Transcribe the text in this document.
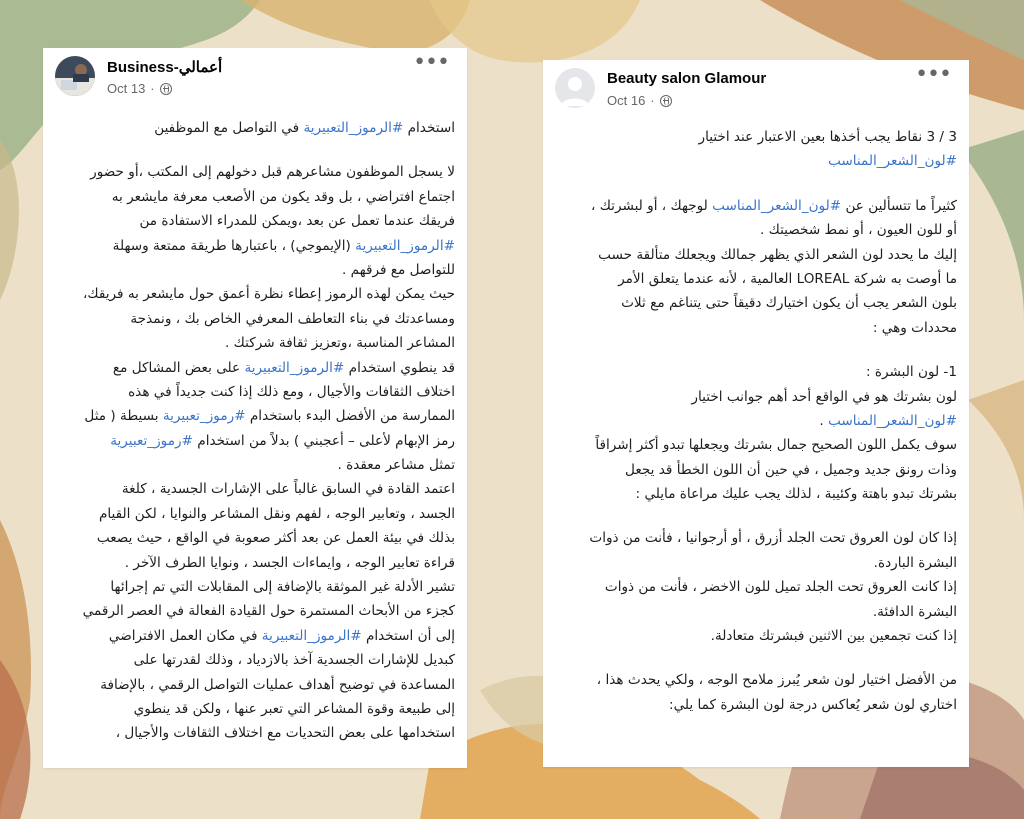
Business-أعمالي
Oct 13 ·
•••
استخدام #الرموز_التعبيرية في التواصل مع الموظفين
لا يسجل الموظفون مشاعرهم قبل دخولهم إلى المكتب ،أو حضور
اجتماع افتراضي ، بل وقد يكون من الأصعب معرفة مايشعر به
فريقك عندما تعمل عن بعد ،ويمكن للمدراء الاستفادة من
#الرموز_التعبيرية (الإيموجي) ، باعتبارها طريقة ممتعة وسهلة
للتواصل مع فرقهم .
حيث يمكن لهذه الرموز إعطاء نظرة أعمق حول مايشعر به فريقك،
ومساعدتك في بناء التعاطف المعرفي الخاص بك ، ونمذجة
المشاعر المناسبة ،وتعزيز ثقافة شركتك .
قد ينطوي استخدام #الرموز_التعبيرية على بعض المشاكل مع
اختلاف الثقافات والأجيال ، ومع ذلك إذا كنت جديداً في هذه
الممارسة من الأفضل البدء باستخدام #رموز_تعبيرية بسيطة ( مثل
رمز الإبهام لأعلى – أعجبني ) بدلاً من استخدام #رموز_تعبيرية
تمثل مشاعر معقدة .
اعتمد القادة في السابق غالباً على الإشارات الجسدية ، كلغة
الجسد ، وتعابير الوجه ، لفهم ونقل المشاعر والنوايا ، لكن القيام
بذلك في بيئة العمل عن بعد أكثر صعوبة في الواقع ، حيث يصعب
قراءة تعابير الوجه ، وايماءات الجسد ، ونوايا الطرف الآخر .
تشير الأدلة غير الموثقة بالإضافة إلى المقابلات التي تم إجرائها
كجزء من الأبحاث المستمرة حول القيادة الفعالة في العصر الرقمي
إلى أن استخدام #الرموز_التعبيرية في مكان العمل الافتراضي
كبديل للإشارات الجسدية آخذ بالازدياد ، وذلك لقدرتها على
المساعدة في توضيح أهداف عمليات التواصل الرقمي ، بالإضافة
إلى طبيعة وقوة المشاعر التي تعبر عنها ، ولكن قد ينطوي
استخدامها على بعض التحديات مع اختلاف الثقافات والأجيال ،
Beauty salon Glamour
Oct 16 ·
•••
3 / 3 نقاط يجب أخذها بعين الاعتبار عند اختيار
#لون_الشعر_المناسب
كثيراً ما تتسألين عن #لون_الشعر_المناسب لوجهك ، أو لبشرتك ،
أو للون العيون ، أو نمط شخصيتك .
إليك ما يحدد لون الشعر الذي يظهر جمالك ويجعلك متألقة حسب
ما أوصت به شركة LOREAL العالمية ، لأنه عندما يتعلق الأمر
بلون الشعر يجب أن يكون اختيارك دقيقاً حتى يتناغم مع ثلاث
محددات وهي :
1- لون البشرة :
لون بشرتك هو في الواقع أحد أهم جوانب اختيار
#لون_الشعر_المناسب .
سوف يكمل اللون الصحيح جمال بشرتك ويجعلها تبدو أكثر إشراقاً
وذات رونق جديد وجميل ، في حين أن اللون الخطأ قد يجعل
بشرتك تبدو باهتة وكئيبة ، لذلك يجب عليك مراعاة مايلي :
إذا كان لون العروق تحت الجلد أزرق ، أو أرجوانيا ، فأنت من ذوات
البشرة الباردة.
إذا كانت العروق تحت الجلد تميل للون الاخضر ، فأنت من ذوات
البشرة الدافئة.
إذا كنت تجمعين بين الاثنين فبشرتك متعادلة.
من الأفضل اختيار لون شعر يُبرز ملامح الوجه ، ولكي يحدث هذا ،
اختاري لون شعر يُعاكس درجة لون البشرة كما يلي:
